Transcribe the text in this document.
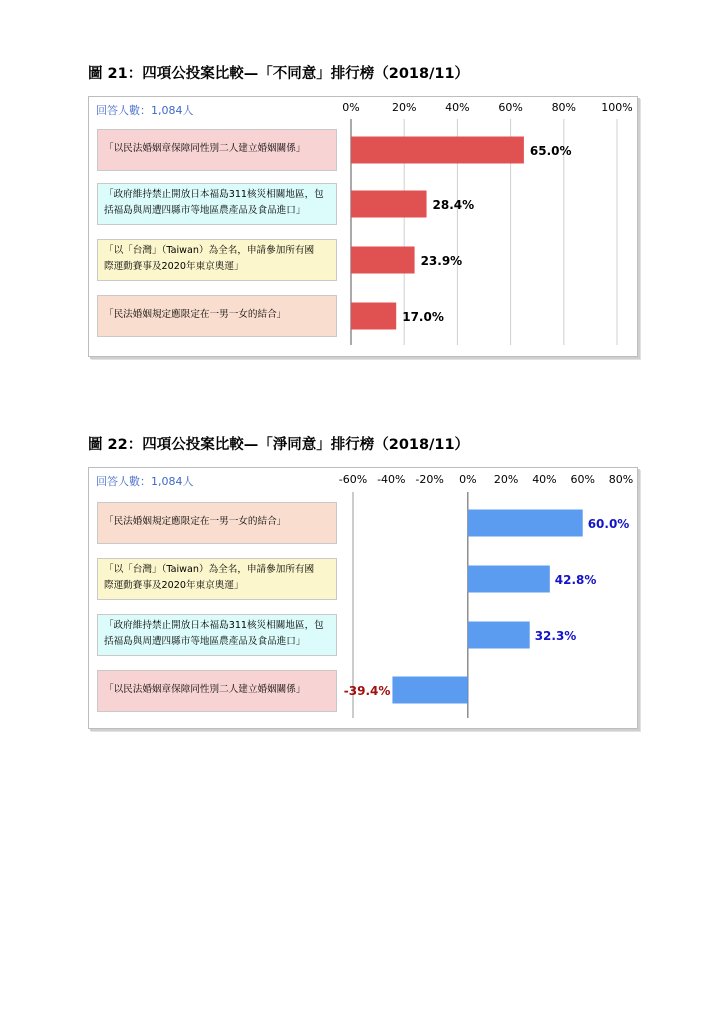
圖 21：四項公投案比較—「不同意」排行榜（2018/11）
回答人數：1,084人
「以民法婚姻章保障同性別二人建立婚姻關係」
「政府維持禁止開放日本福島311核災相關地區，包
括福島與周遭四縣市等地區農產品及食品進口」
「以「台灣」（Taiwan）為全名，申請參加所有國
際運動賽事及2020年東京奧運」
「民法婚姻規定應限定在一男一女的結合」
0%	20%	40%	60%	80% 100%
65.0%
28.4%
23.9%
17.0%
圖 22：四項公投案比較—「淨同意」排行榜（2018/11）
回答人數：1,084人
「民法婚姻規定應限定在一男一女的結合」
「以「台灣」（Taiwan）為全名，申請參加所有國
際運動賽事及2020年東京奧運」
「政府維持禁止開放日本福島311核災相關地區，包
括福島與周遭四縣市等地區農產品及食品進口」
「以民法婚姻章保障同性別二人建立婚姻關係」
-60% -40% -20% 0% 20% 40% 60% 80%
60.0%
42.8%
32.3%
-39.4%
